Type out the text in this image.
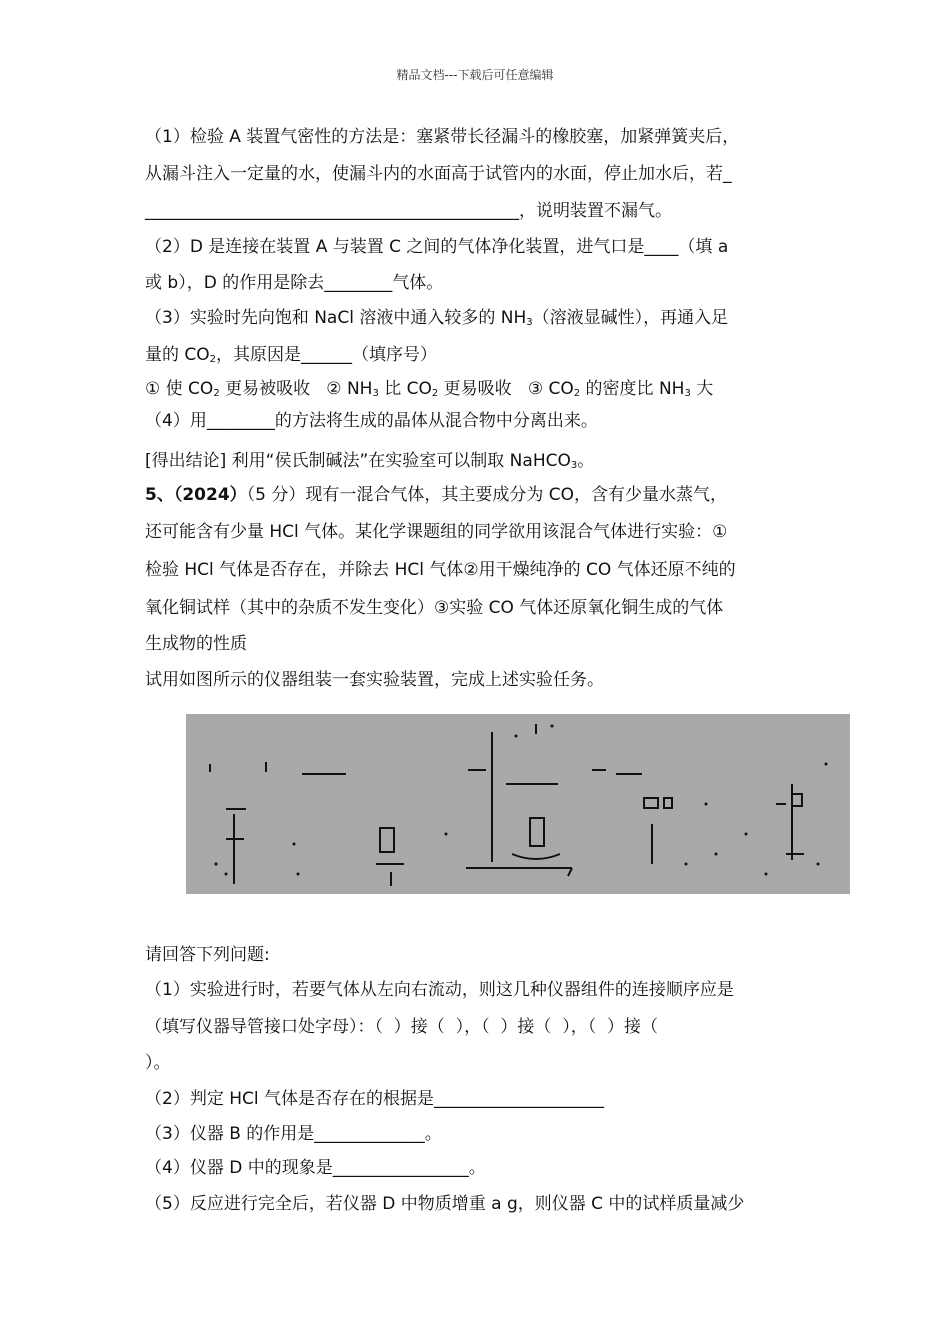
精品文档---下载后可任意编辑
（1）检验 A 装置气密性的方法是：塞紧带长径漏斗的橡胶塞，加紧弹簧夹后，
从漏斗注入一定量的水，使漏斗内的水面高于试管内的水面，停止加水后，若_
____________________________________________，说明装置不漏气。
（2）D 是连接在装置 A 与装置 C 之间的气体净化装置，进气口是____（填 a
或 b），D 的作用是除去________气体。
（3）实验时先向饱和 NaCl 溶液中通入较多的 $NH_3$（溶液显碱性），再通入足
量的 $CO_2$，其原因是______（填序号）
① 使 $CO_2$ 更易被吸收   ② $NH_3$ 比 $CO_2$ 更易吸收   ③ $CO_2$ 的密度比 $NH_3$ 大
（4）用________的方法将生成的晶体从混合物中分离出来。
[得出结论] 利用“侯氏制碱法”在实验室可以制取 NaHCO$_3$。
5、（2024）（5 分）现有一混合气体，其主要成分为 CO，含有少量水蒸气，
还可能含有少量 HCl 气体。某化学课题组的同学欲用该混合气体进行实验：①
检验 HCl 气体是否存在，并除去 HCl 气体②用干燥纯净的 CO 气体还原不纯的
氧化铜试样（其中的杂质不发生变化）③实验 CO 气体还原氧化铜生成的气体
生成物的性质
试用如图所示的仪器组装一套实验装置，完成上述实验任务。
请回答下列问题:
（1）实验进行时，若要气体从左向右流动，则这几种仪器组件的连接顺序应是
（填写仪器导管接口处字母）：（  ）接（  ），（  ）接（  ），（  ）接（
）。
（2）判定 HCl 气体是否存在的根据是____________________
（3）仪器 B 的作用是_____________。
（4）仪器 D 中的现象是________________。
（5）反应进行完全后，若仪器 D 中物质增重 a g，则仪器 C 中的试样质量减少
